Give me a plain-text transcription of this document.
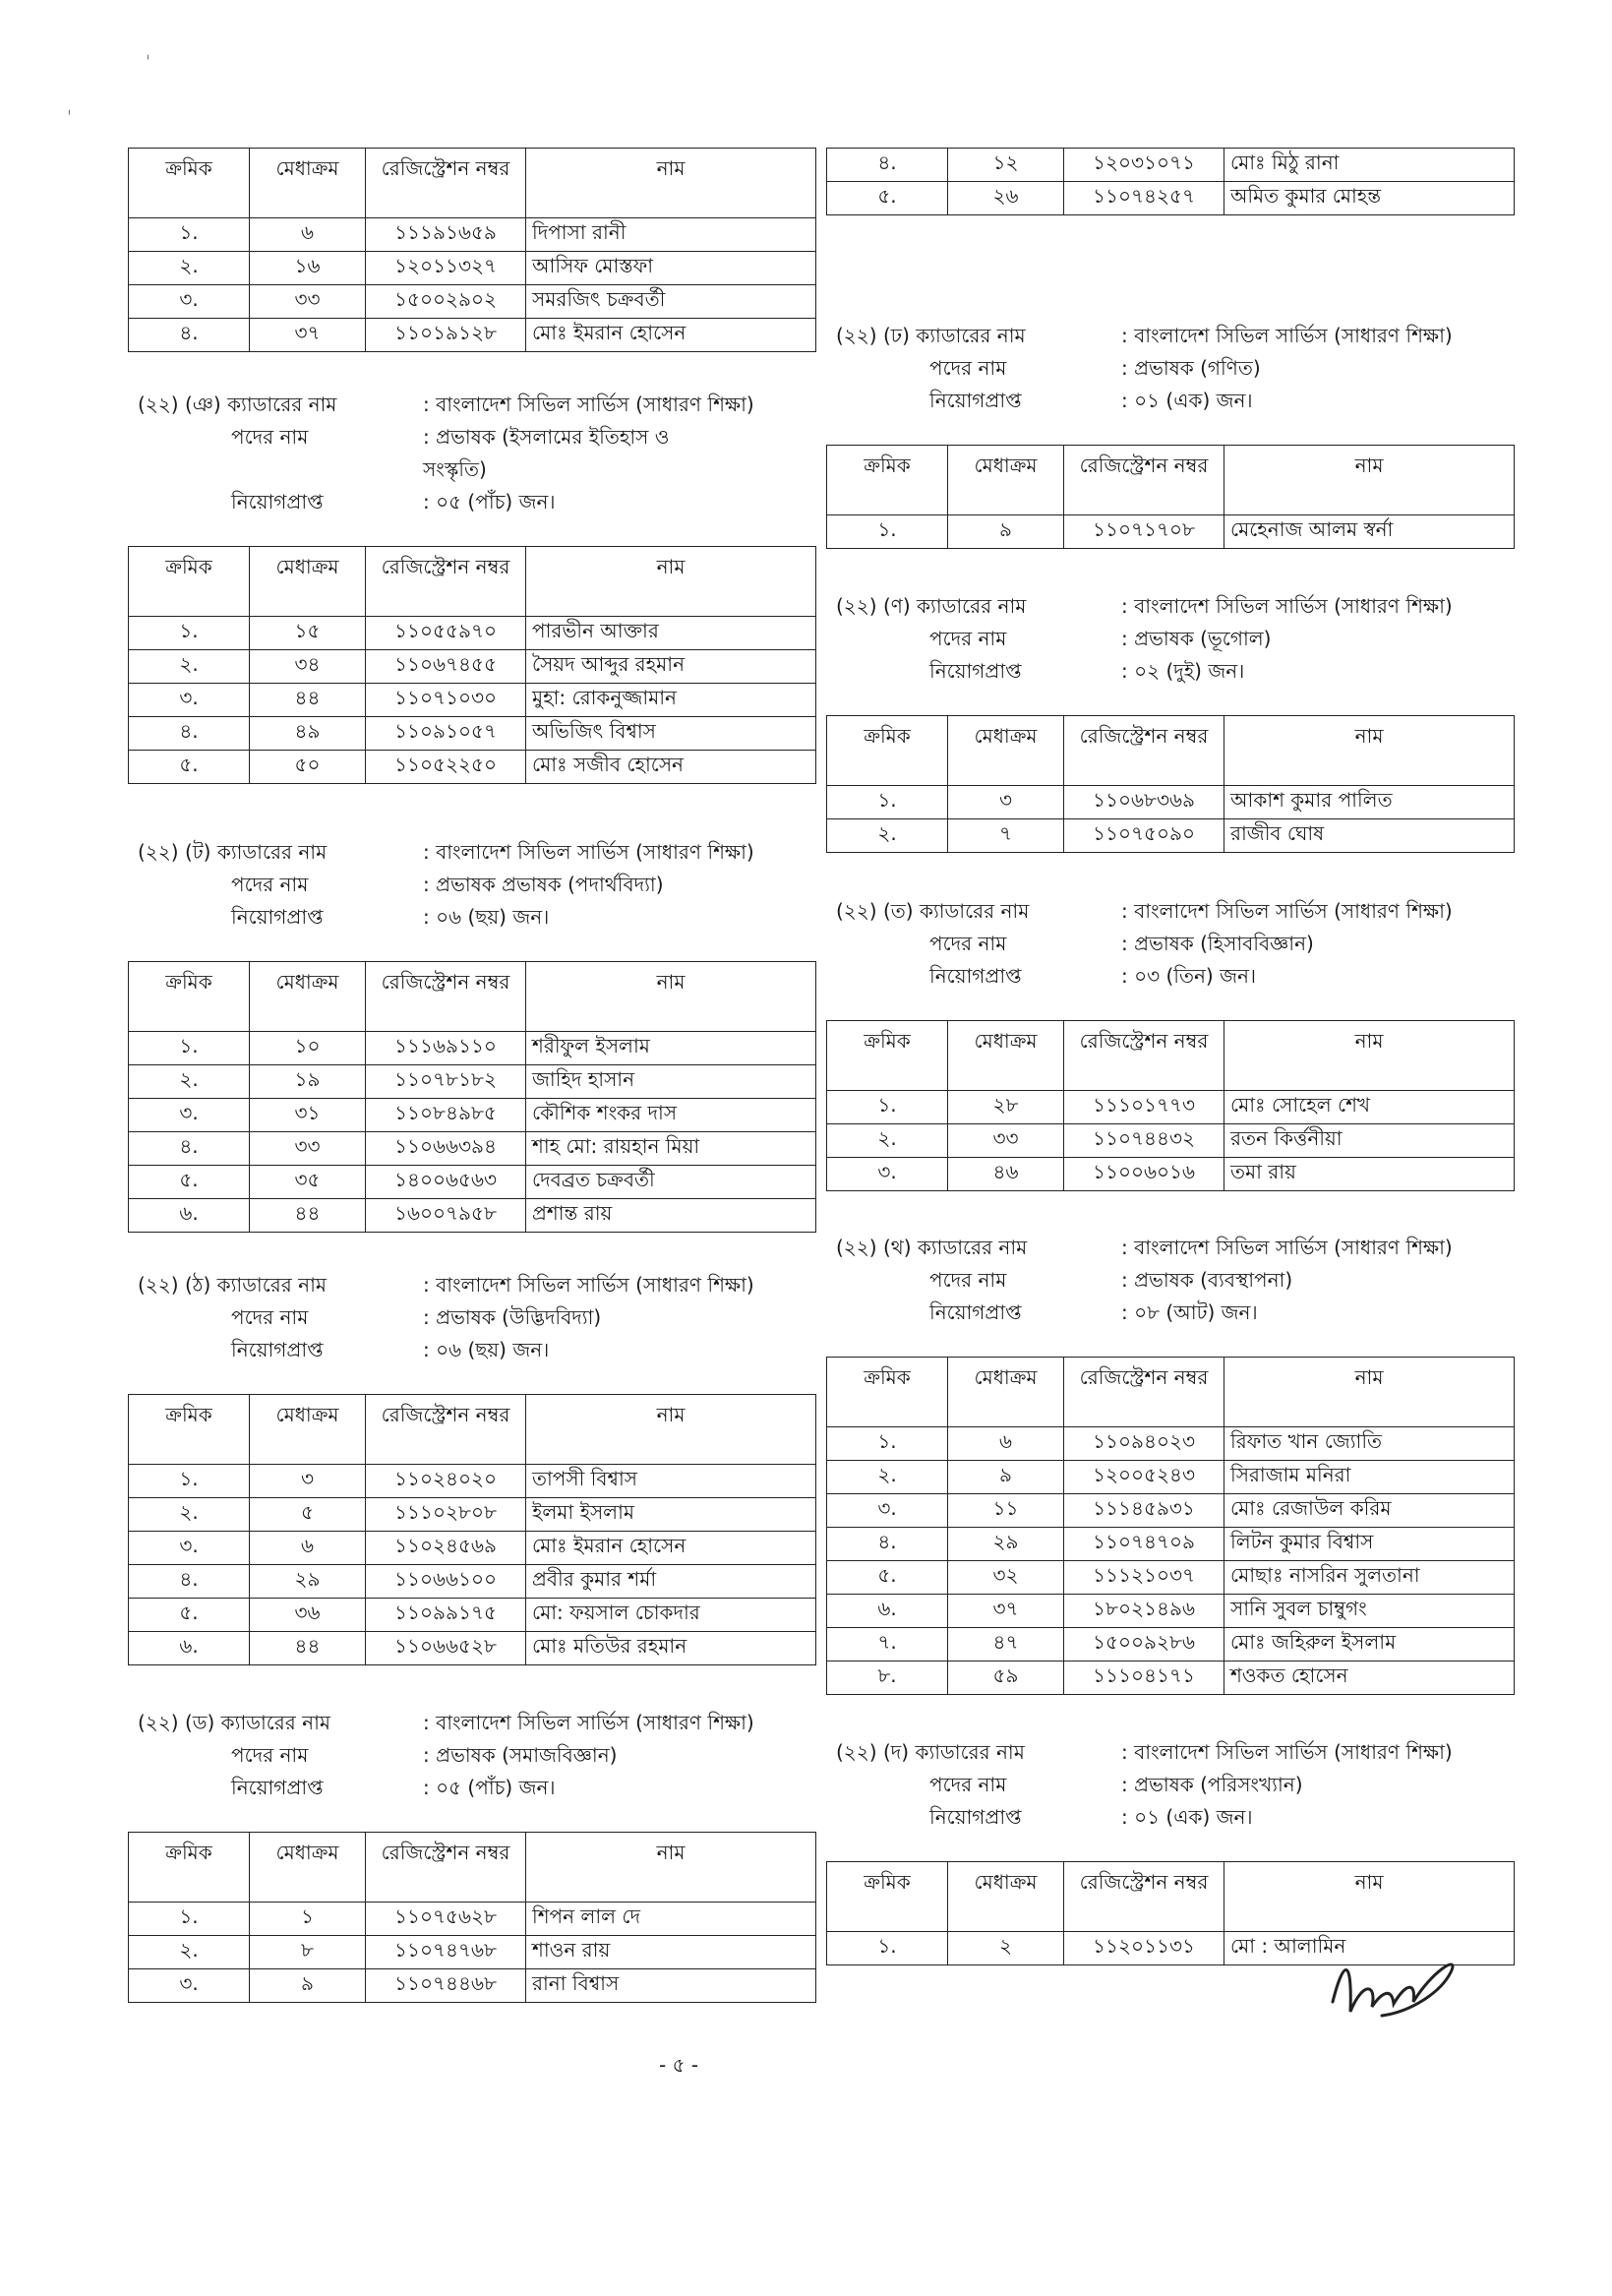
ক্রমিক	মেধাক্রম	রেজিস্ট্রেশন নম্বর	নাম
১.	৬	১১১৯১৬৫৯	দিপাসা রানী
২.	১৬	১২০১১৩২৭	আসিফ মোস্তফা
৩.	৩৩	১৫০০২৯০২	সমরজিৎ চক্রবর্তী
৪.	৩৭	১১০১৯১২৮	মোঃ ইমরান হোসেন
(২২) (ঞ) ক্যাডারের নাম	: বাংলাদেশ সিভিল সার্ভিস (সাধারণ শিক্ষা)
পদের নাম	: প্রভাষক (ইসলামের ইতিহাস ও
সংস্কৃতি)
নিয়োগপ্রাপ্ত	: ০৫ (পাঁচ) জন।
ক্রমিক	মেধাক্রম	রেজিস্ট্রেশন নম্বর	নাম
১.	১৫	১১০৫৫৯৭০	পারভীন আক্তার
২.	৩৪	১১০৬৭৪৫৫	সৈয়দ আব্দুর রহমান
৩.	৪৪	১১০৭১০৩০	মুহা: রোকনুজ্জামান
৪.	৪৯	১১০৯১০৫৭	অভিজিৎ বিশ্বাস
৫.	৫০	১১০৫২২৫০	মোঃ সজীব হোসেন
(২২) (ট) ক্যাডারের নাম	: বাংলাদেশ সিভিল সার্ভিস (সাধারণ শিক্ষা)
পদের নাম	: প্রভাষক প্রভাষক (পদার্থবিদ্যা)
নিয়োগপ্রাপ্ত	: ০৬ (ছয়) জন।
ক্রমিক	মেধাক্রম	রেজিস্ট্রেশন নম্বর	নাম
১.	১০	১১১৬৯১১০	শরীফুল ইসলাম
২.	১৯	১১০৭৮১৮২	জাহিদ হাসান
৩.	৩১	১১০৮৪৯৮৫	কৌশিক শংকর দাস
৪.	৩৩	১১০৬৬৩৯৪	শাহ মো: রায়হান মিয়া
৫.	৩৫	১৪০০৬৫৬৩	দেবব্রত চক্রবর্তী
৬.	৪৪	১৬০০৭৯৫৮	প্রশান্ত রায়
(২২) (ঠ) ক্যাডারের নাম	: বাংলাদেশ সিভিল সার্ভিস (সাধারণ শিক্ষা)
পদের নাম	: প্রভাষক (উদ্ভিদবিদ্যা)
নিয়োগপ্রাপ্ত	: ০৬ (ছয়) জন।
ক্রমিক	মেধাক্রম	রেজিস্ট্রেশন নম্বর	নাম
১.	৩	১১০২৪০২০	তাপসী বিশ্বাস
২.	৫	১১১০২৮০৮	ইলমা ইসলাম
৩.	৬	১১০২৪৫৬৯	মোঃ ইমরান হোসেন
৪.	২৯	১১০৬৬১০০	প্রবীর কুমার শর্মা
৫.	৩৬	১১০৯৯১৭৫	মো: ফয়সাল চোকদার
৬.	৪৪	১১০৬৬৫২৮	মোঃ মতিউর রহমান
(২২) (ড) ক্যাডারের নাম	: বাংলাদেশ সিভিল সার্ভিস (সাধারণ শিক্ষা)
পদের নাম	: প্রভাষক (সমাজবিজ্ঞান)
নিয়োগপ্রাপ্ত	: ০৫ (পাঁচ) জন।
ক্রমিক	মেধাক্রম	রেজিস্ট্রেশন নম্বর	নাম
১.	১	১১০৭৫৬২৮	শিপন লাল দে
২.	৮	১১০৭৪৭৬৮	শাওন রায়
৩.	৯	১১০৭৪৪৬৮	রানা বিশ্বাস
৪.	১২	১২০৩১০৭১	মোঃ মিঠু রানা
৫.	২৬	১১০৭৪২৫৭	অমিত কুমার মোহন্ত
(২২) (ঢ) ক্যাডারের নাম	: বাংলাদেশ সিভিল সার্ভিস (সাধারণ শিক্ষা)
পদের নাম	: প্রভাষক (গণিত)
নিয়োগপ্রাপ্ত	: ০১ (এক) জন।
ক্রমিক	মেধাক্রম	রেজিস্ট্রেশন নম্বর	নাম
১.	৯	১১০৭১৭০৮	মেহেনাজ আলম স্বর্না
(২২) (ণ) ক্যাডারের নাম	: বাংলাদেশ সিভিল সার্ভিস (সাধারণ শিক্ষা)
পদের নাম	: প্রভাষক (ভূগোল)
নিয়োগপ্রাপ্ত	: ০২ (দুই) জন।
ক্রমিক	মেধাক্রম	রেজিস্ট্রেশন নম্বর	নাম
১.	৩	১১০৬৮৩৬৯	আকাশ কুমার পালিত
২.	৭	১১০৭৫০৯০	রাজীব ঘোষ
(২২) (ত) ক্যাডারের নাম	: বাংলাদেশ সিভিল সার্ভিস (সাধারণ শিক্ষা)
পদের নাম	: প্রভাষক (হিসাববিজ্ঞান)
নিয়োগপ্রাপ্ত	: ০৩ (তিন) জন।
ক্রমিক	মেধাক্রম	রেজিস্ট্রেশন নম্বর	নাম
১.	২৮	১১১০১৭৭৩	মোঃ সোহেল শেখ
২.	৩৩	১১০৭৪৪৩২	রতন কির্ত্তনীয়া
৩.	৪৬	১১০০৬০১৬	তমা রায়
(২২) (থ) ক্যাডারের নাম	: বাংলাদেশ সিভিল সার্ভিস (সাধারণ শিক্ষা)
পদের নাম	: প্রভাষক (ব্যবস্থাপনা)
নিয়োগপ্রাপ্ত	: ০৮ (আট) জন।
ক্রমিক	মেধাক্রম	রেজিস্ট্রেশন নম্বর	নাম
১.	৬	১১০৯৪০২৩	রিফাত খান জ্যোতি
২.	৯	১২০০৫২৪৩	সিরাজাম মনিরা
৩.	১১	১১১৪৫৯৩১	মোঃ রেজাউল করিম
৪.	২৯	১১০৭৪৭০৯	লিটন কুমার বিশ্বাস
৫.	৩২	১১১২১০৩৭	মোছাঃ নাসরিন সুলতানা
৬.	৩৭	১৮০২১৪৯৬	সানি সুবল চাম্বুগং
৭.	৪৭	১৫০০৯২৮৬	মোঃ জহিরুল ইসলাম
৮.	৫৯	১১১০৪১৭১	শওকত হোসেন
(২২) (দ) ক্যাডারের নাম	: বাংলাদেশ সিভিল সার্ভিস (সাধারণ শিক্ষা)
পদের নাম	: প্রভাষক (পরিসংখ্যান)
নিয়োগপ্রাপ্ত	: ০১ (এক) জন।
ক্রমিক	মেধাক্রম	রেজিস্ট্রেশন নম্বর	নাম
১.	২	১১২০১১৩১	মো : আলামিন
- ৫ -
ˌ
ˌ
